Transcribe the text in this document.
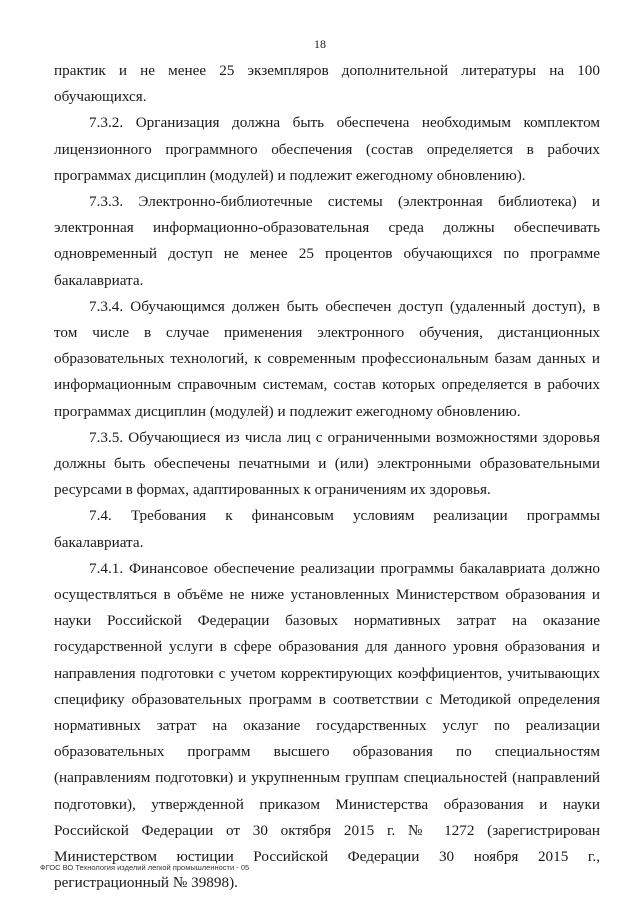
18

практик и не менее 25 экземпляров дополнительной литературы на 100 обучающихся.

7.3.2. Организация должна быть обеспечена необходимым комплектом лицензионного программного обеспечения (состав определяется в рабочих программах дисциплин (модулей) и подлежит ежегодному обновлению).

7.3.3. Электронно-библиотечные системы (электронная библиотека) и электронная информационно-образовательная среда должны обеспечивать одновременный доступ не менее 25 процентов обучающихся по программе бакалавриата.

7.3.4. Обучающимся должен быть обеспечен доступ (удаленный доступ), в том числе в случае применения электронного обучения, дистанционных образовательных технологий, к современным профессиональным базам данных и информационным справочным системам, состав которых определяется в рабочих программах дисциплин (модулей) и подлежит ежегодному обновлению.

7.3.5. Обучающиеся из числа лиц с ограниченными возможностями здоровья должны быть обеспечены печатными и (или) электронными образовательными ресурсами в формах, адаптированных к ограничениям их здоровья.

7.4. Требования к финансовым условиям реализации программы бакалавриата.

7.4.1. Финансовое обеспечение реализации программы бакалавриата должно осуществляться в объёме не ниже установленных Министерством образования и науки Российской Федерации базовых нормативных затрат на оказание государственной услуги в сфере образования для данного уровня образования и направления подготовки с учетом корректирующих коэффициентов, учитывающих специфику образовательных программ в соответствии с Методикой определения нормативных затрат на оказание государственных услуг по реализации образовательных программ высшего образования по специальностям (направлениям подготовки) и укрупненным группам специальностей (направлений подготовки), утвержденной приказом Министерства образования и науки Российской Федерации от 30 октября 2015 г. № 1272 (зарегистрирован Министерством юстиции Российской Федерации 30 ноября 2015 г., регистрационный № 39898).

ФГОС ВО Технология изделий легкой промышленности - 05
